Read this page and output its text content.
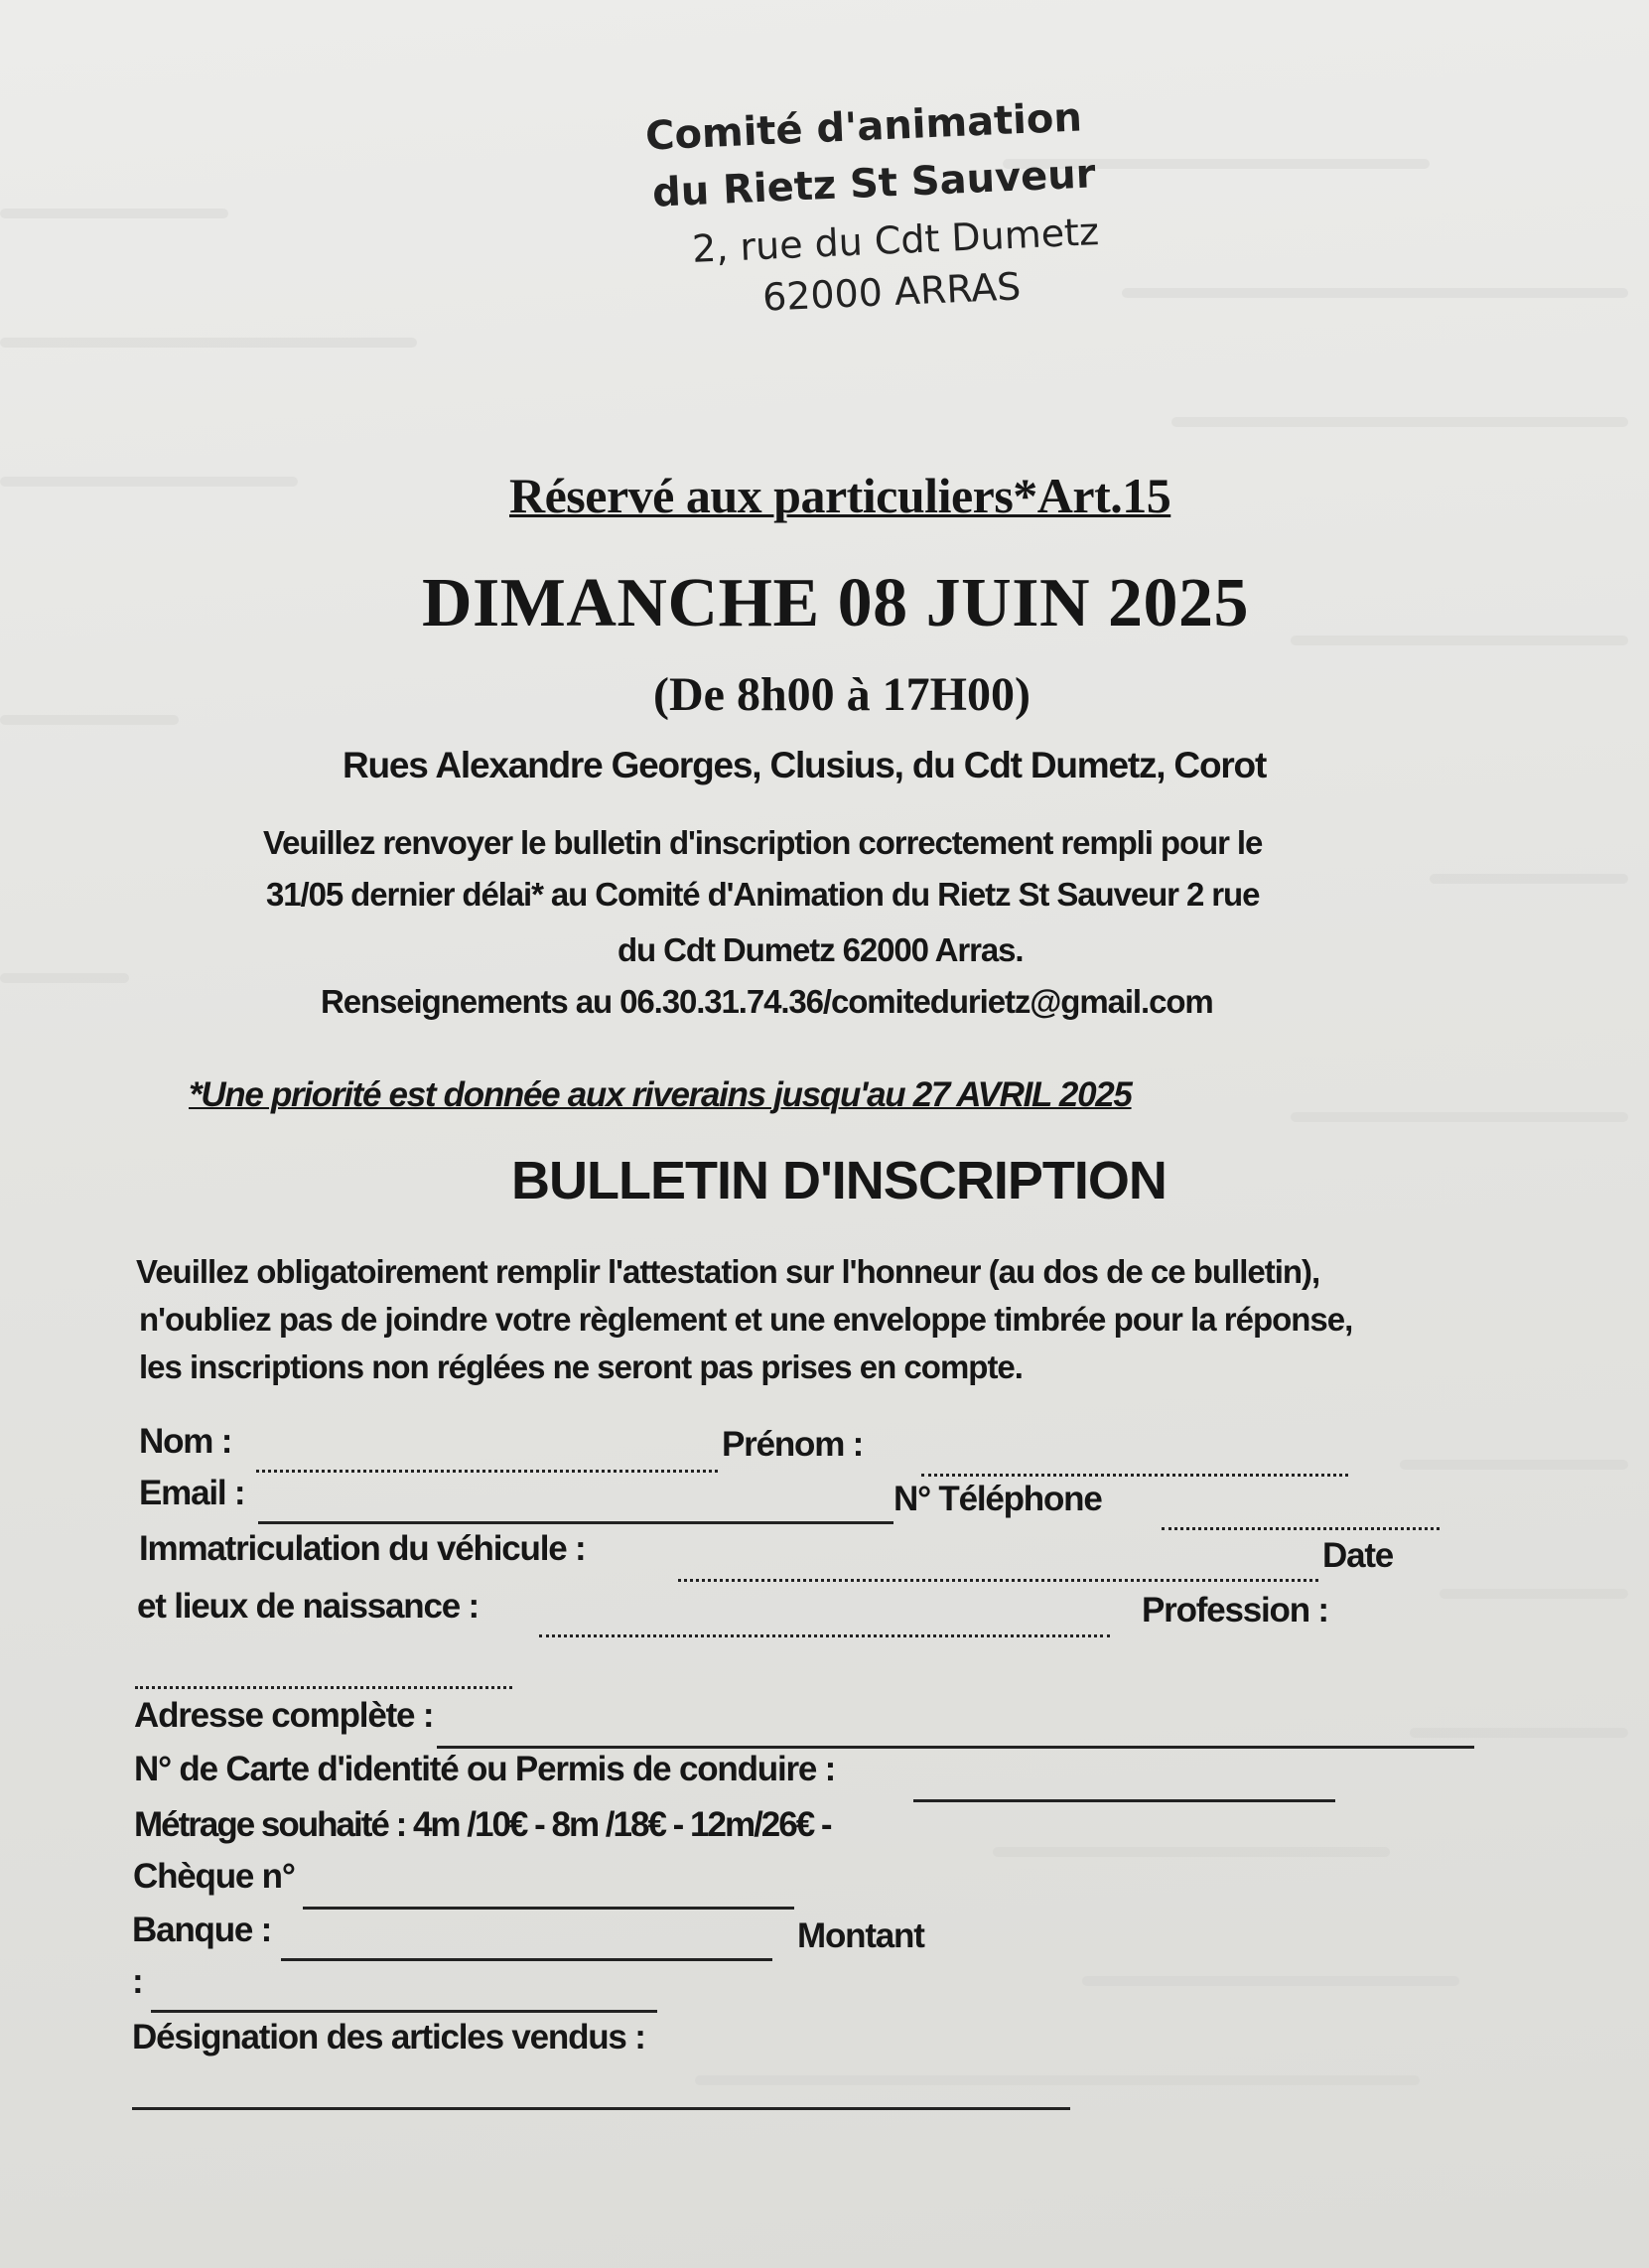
Comité d'animation
du Rietz St Sauveur
2, rue du Cdt Dumetz
62000 ARRAS
Réservé aux particuliers*Art.15
DIMANCHE 08 JUIN 2025
(De 8h00 à 17H00)
Rues Alexandre Georges, Clusius, du Cdt Dumetz, Corot
Veuillez renvoyer le bulletin d'inscription correctement rempli pour le
31/05 dernier délai* au Comité d'Animation du Rietz St Sauveur 2 rue
du Cdt Dumetz 62000 Arras.
Renseignements au 06.30.31.74.36/comitedurietz@gmail.com
*Une priorité est donnée aux riverains jusqu'au 27 AVRIL 2025
BULLETIN D'INSCRIPTION
Veuillez obligatoirement remplir l'attestation sur l'honneur (au dos de ce bulletin),
n'oubliez pas de joindre votre règlement et une enveloppe timbrée pour la réponse,
les inscriptions non réglées ne seront pas prises en compte.
Nom :	Prénom :
Email :	N° Téléphone
Immatriculation du véhicule :	Date
et lieux de naissance :	Profession :
Adresse complète :
N° de Carte d'identité ou Permis de conduire :
Métrage souhaité : 4m /10€ - 8m /18€ - 12m/26€ -
Chèque n°
Banque :	Montant
:
Désignation des articles vendus :
